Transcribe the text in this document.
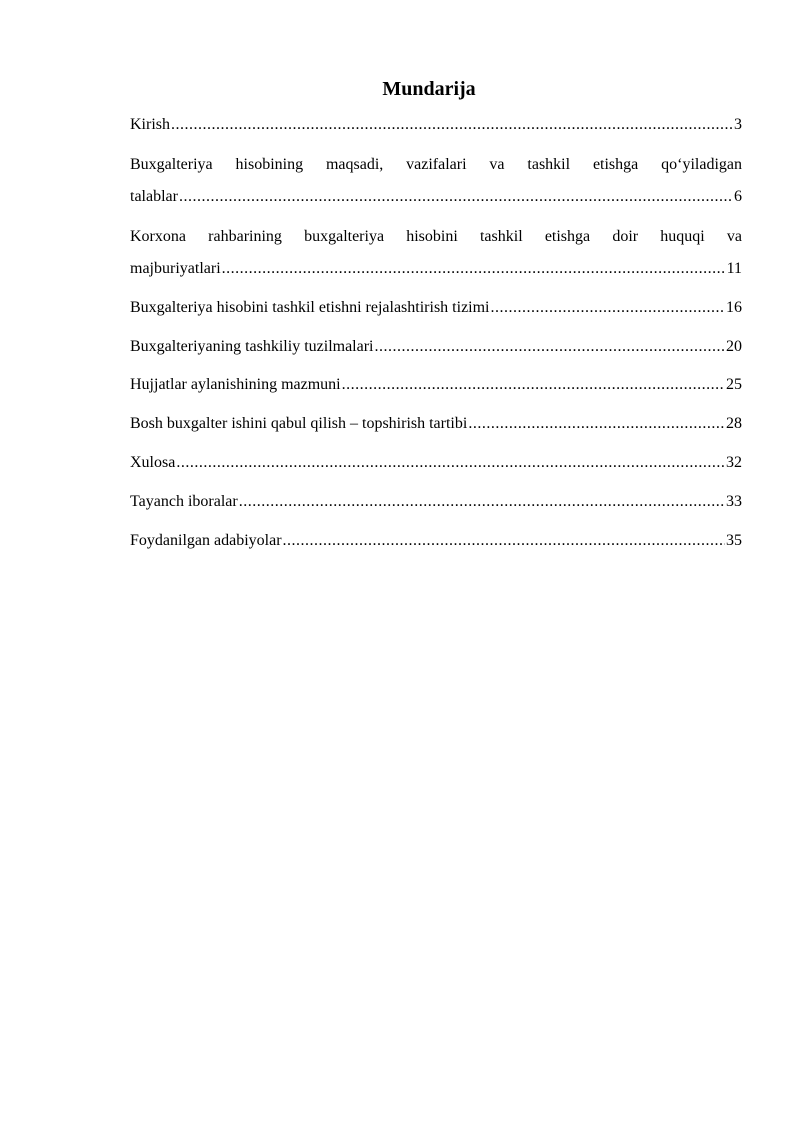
Mundarija
Kirish .....	3
Buxgalteriya hisobining maqsadi, vazifalari va tashkil etishga qo‘yiladigan
talablar .....	6
Korxona rahbarining buxgalteriya hisobini tashkil etishga doir huquqi va
majburiyatlari .....	11
Buxgalteriya hisobini tashkil etishni rejalashtirish tizimi .....	16
Buxgalteriyaning tashkiliy tuzilmalari .....	20
Hujjatlar aylanishining mazmuni .....	25
Bosh buxgalter ishini qabul qilish – topshirish tartibi .....	28
Xulosa .....	32
Tayanch iboralar .....	33
Foydanilgan adabiyolar .....	35
